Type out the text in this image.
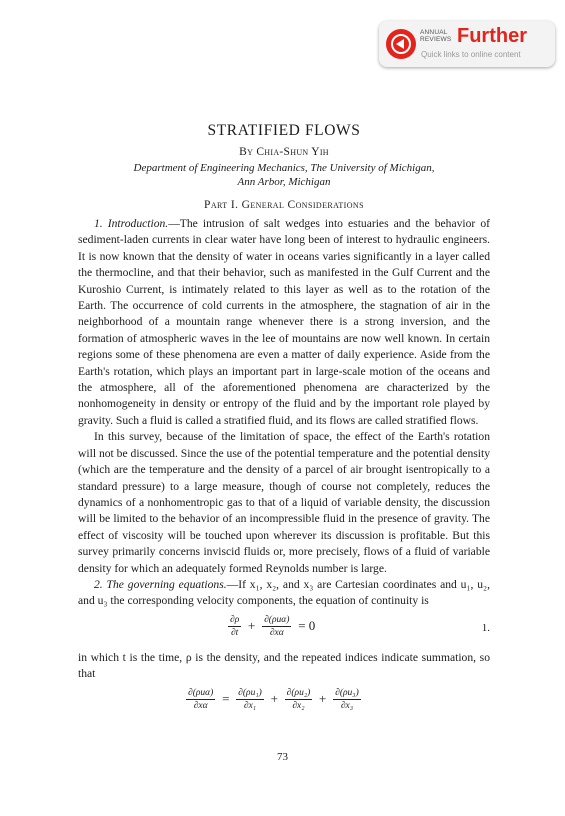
ANNUAL REVIEWS Further
Quick links to online content
STRATIFIED FLOWS
By Chia-Shun Yih
Department of Engineering Mechanics, The University of Michigan,
Ann Arbor, Michigan
Part I. General Considerations

1. Introduction.—The intrusion of salt wedges into estuaries and the behavior of sediment-laden currents in clear water have long been of interest to hydraulic engineers. It is now known that the density of water in oceans varies significantly in a layer called the thermocline, and that their behavior, such as manifested in the Gulf Current and the Kuroshio Current, is intimately related to this layer as well as to the rotation of the Earth. The occurrence of cold currents in the atmosphere, the stagnation of air in the neighborhood of a mountain range whenever there is a strong inversion, and the formation of atmospheric waves in the lee of mountains are now well known. In certain regions some of these phenomena are even a matter of daily experience. Aside from the Earth's rotation, which plays an important part in large-scale motion of the oceans and the atmosphere, all of the aforementioned phenomena are characterized by the nonhomogeneity in density or entropy of the fluid and by the important role played by gravity. Such a fluid is called a stratified fluid, and its flows are called stratified flows.

In this survey, because of the limitation of space, the effect of the Earth's rotation will not be discussed. Since the use of the potential temperature and the potential density (which are the temperature and the density of a parcel of air brought isentropically to a standard pressure) to a large measure, though of course not completely, reduces the dynamics of a nonhomentropic gas to that of a liquid of variable density, the discussion will be limited to the behavior of an incompressible fluid in the presence of gravity. The effect of viscosity will be touched upon wherever its discussion is profitable. But this survey primarily concerns inviscid fluids or, more precisely, flows of a fluid of variable density for which an adequately formed Reynolds number is large.

2. The governing equations.—If x₁, x₂, and x₃ are Cartesian coordinates and u₁, u₂, and u₃ the corresponding velocity components, the equation of continuity is

$\frac{\partial\rho}{\partial t} + \frac{\text{∂(ρuα)}}{\partial x\alpha} = 0$	1.

in which t is the time, ρ is the density, and the repeated indices indicate summation, so that

$\frac{\text{∂(ρuα)}}{\partial x\alpha} = \frac{\text{∂(ρu₁)}}{\text{∂x₁}} + \frac{\text{∂(ρu₂)}}{\text{∂x₂}} + \frac{\text{∂(ρu₃)}}{\text{∂x₃}}$
73
